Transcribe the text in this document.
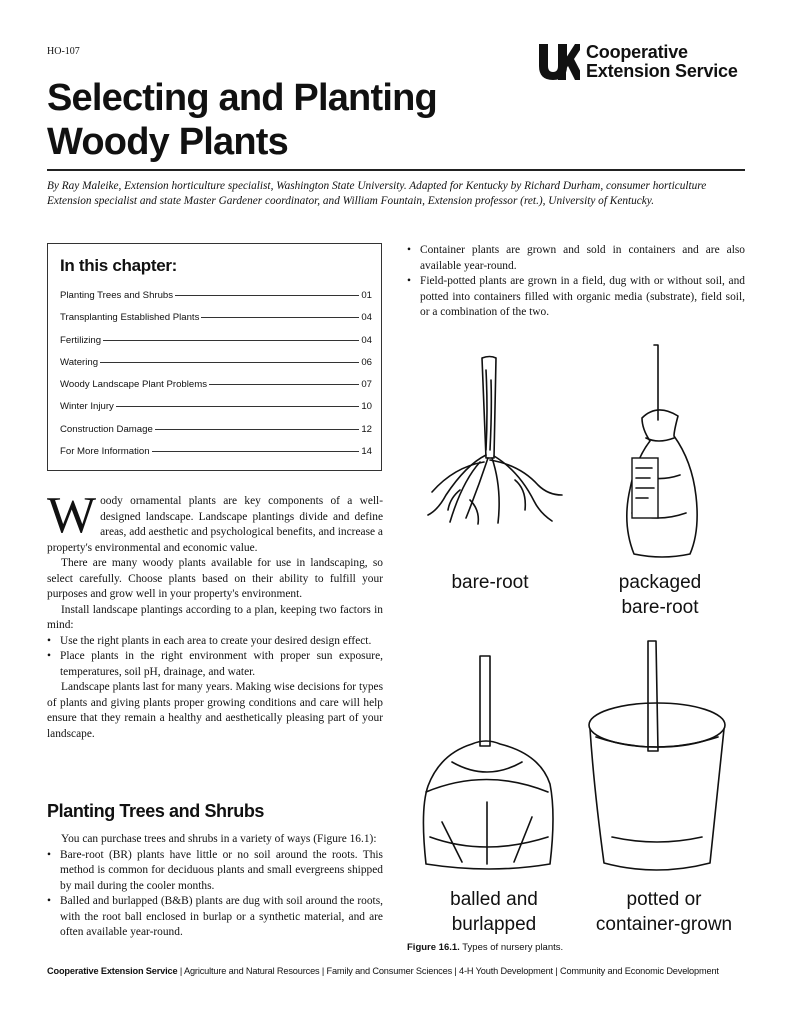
HO-107
UK	Cooperative
Extension Service
Selecting and Planting
Woody Plants

By Ray Maleike, Extension horticulture specialist, Washington State University. Adapted for Kentucky by Richard Durham, consumer horticulture Extension specialist and state Master Gardener coordinator, and William Fountain, Extension professor (ret.), University of Kentucky.

In this chapter:
Planting Trees and Shrubs	01
Transplanting Established Plants	04
Fertilizing	04
Watering	06
Woody Landscape Plant Problems	07
Winter Injury	10
Construction Damage	12
For More Information	14

Woody ornamental plants are key components of a well-designed landscape. Landscape plantings divide and define areas, add aesthetic and psychological benefits, and increase a property's environmental and economic value.

There are many woody plants available for use in landscaping, so select carefully. Choose plants based on their ability to fulfill your purposes and grow well in your property's environment.

Install landscape plantings according to a plan, keeping two factors in mind:

• Use the right plants in each area to create your desired design effect.
• Place plants in the right environment with proper sun exposure, temperatures, soil pH, drainage, and water.

Landscape plants last for many years. Making wise decisions for types of plants and giving plants proper growing conditions and care will help ensure that they remain a healthy and aesthetically pleasing part of your landscape.

Planting Trees and Shrubs

You can purchase trees and shrubs in a variety of ways (Figure 16.1):

• Bare-root (BR) plants have little or no soil around the roots. This method is common for deciduous plants and small evergreens shipped by mail during the cooler months.
• Balled and burlapped (B&B) plants are dug with soil around the roots, with the root ball enclosed in burlap or a synthetic material, and are often available year-round.
• Container plants are grown and sold in containers and are also available year-round.
• Field-potted plants are grown in a field, dug with or without soil, and potted into containers filled with organic media (substrate), field soil, or a combination of the two.
bare-root	packaged
bare-root
balled and
burlapped
potted or
container-grown
Figure 16.1. Types of nursery plants.
Cooperative Extension Service | Agriculture and Natural Resources | Family and Consumer Sciences | 4-H Youth Development | Community and Economic Development
